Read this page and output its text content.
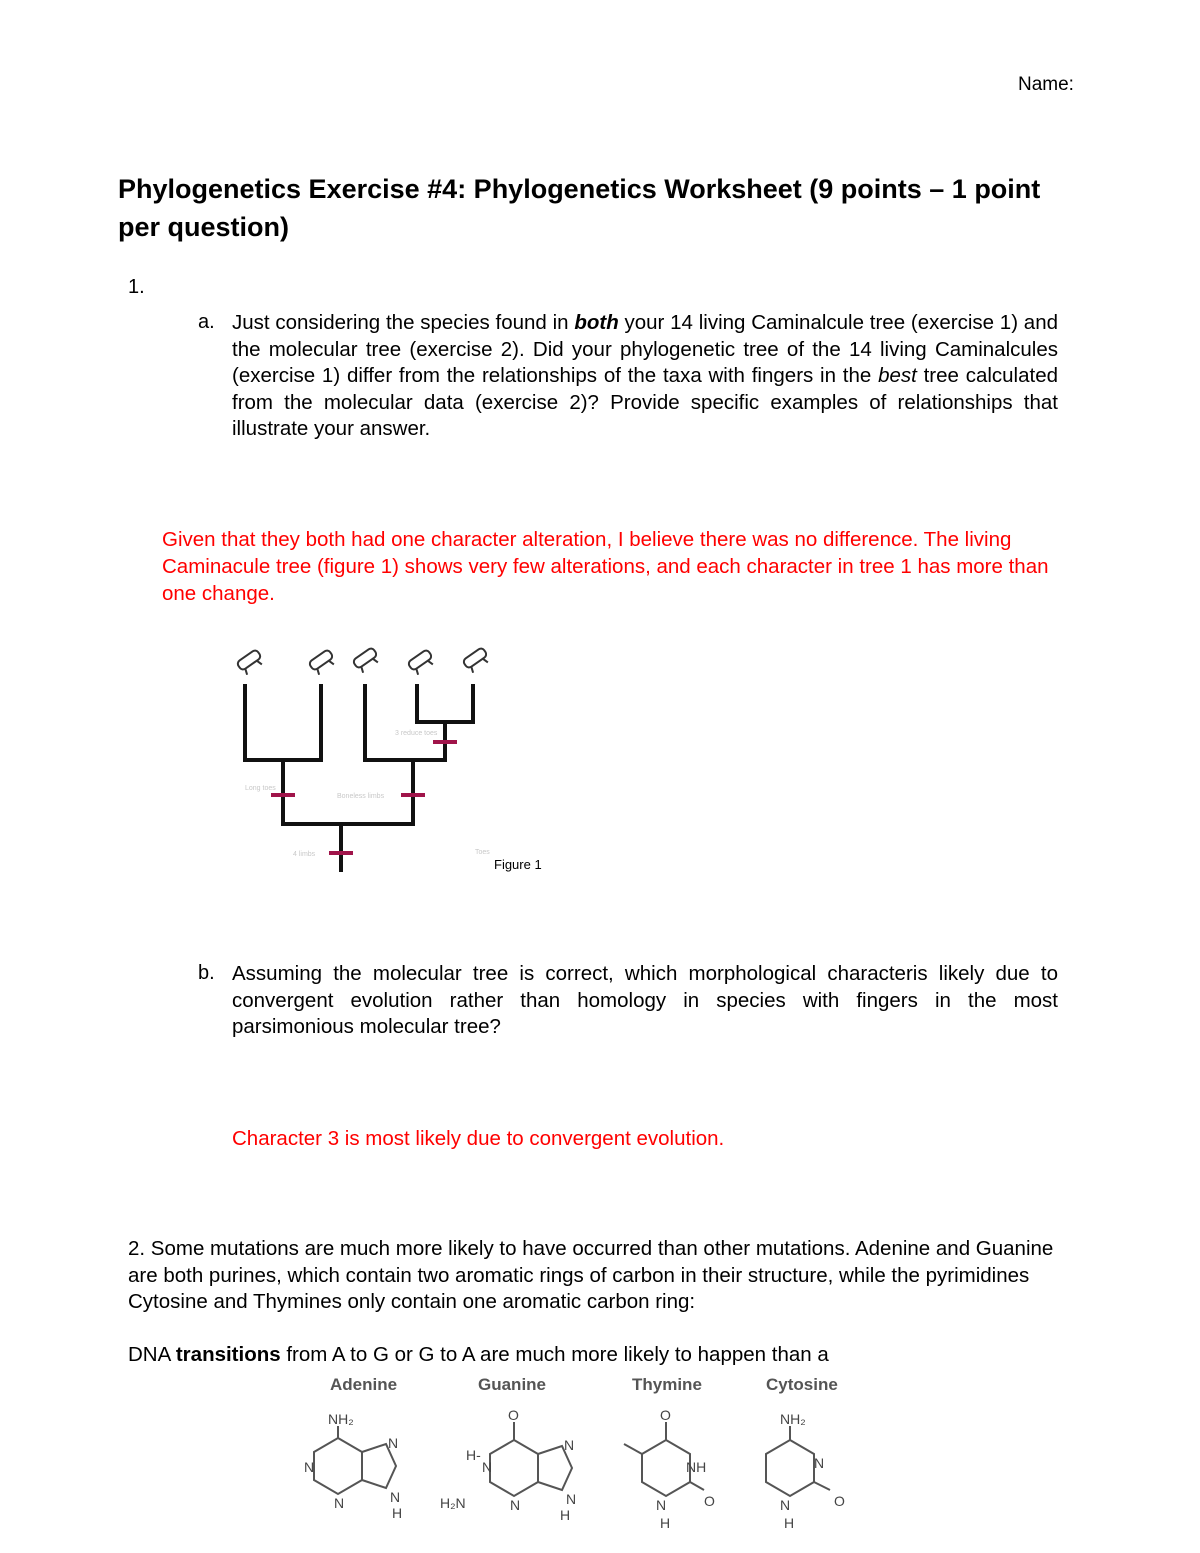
Name:
Phylogenetics Exercise #4: Phylogenetics Worksheet (9 points – 1 point per question)
1.
a. Just considering the species found in both your 14 living Caminalcule tree (exercise 1) and the molecular tree (exercise 2). Did your phylogenetic tree of the 14 living Caminalcules (exercise 1) differ from the relationships of the taxa with fingers in the best tree calculated from the molecular data (exercise 2)? Provide specific examples of relationships that illustrate your answer.
Given that they both had one character alteration, I believe there was no difference. The living Caminacule tree (figure 1) shows very few alterations, and each character in tree 1 has more than one change.
3 reduce toes
Long toes
Boneless limbs
4 limbs	Toes
Figure 1
b. Assuming the molecular tree is correct, which morphological characteris likely due to convergent evolution rather than homology in species with fingers in the most parsimonious molecular tree?
Character 3 is most likely due to convergent evolution.
2. Some mutations are much more likely to have occurred than other mutations. Adenine and Guanine are both purines, which contain two aromatic rings of carbon in their structure, while the pyrimidines Cytosine and Thymines only contain one aromatic carbon ring:
DNA transitions from A to G or G to A are much more likely to happen than a
Adenine	Guanine	Thymine	Cytosine
NH₂
N
N
N
N
H
O
H-
N
H₂N	N
N
N
H
O
NH
N	O
H
NH₂
N
N	O
H
